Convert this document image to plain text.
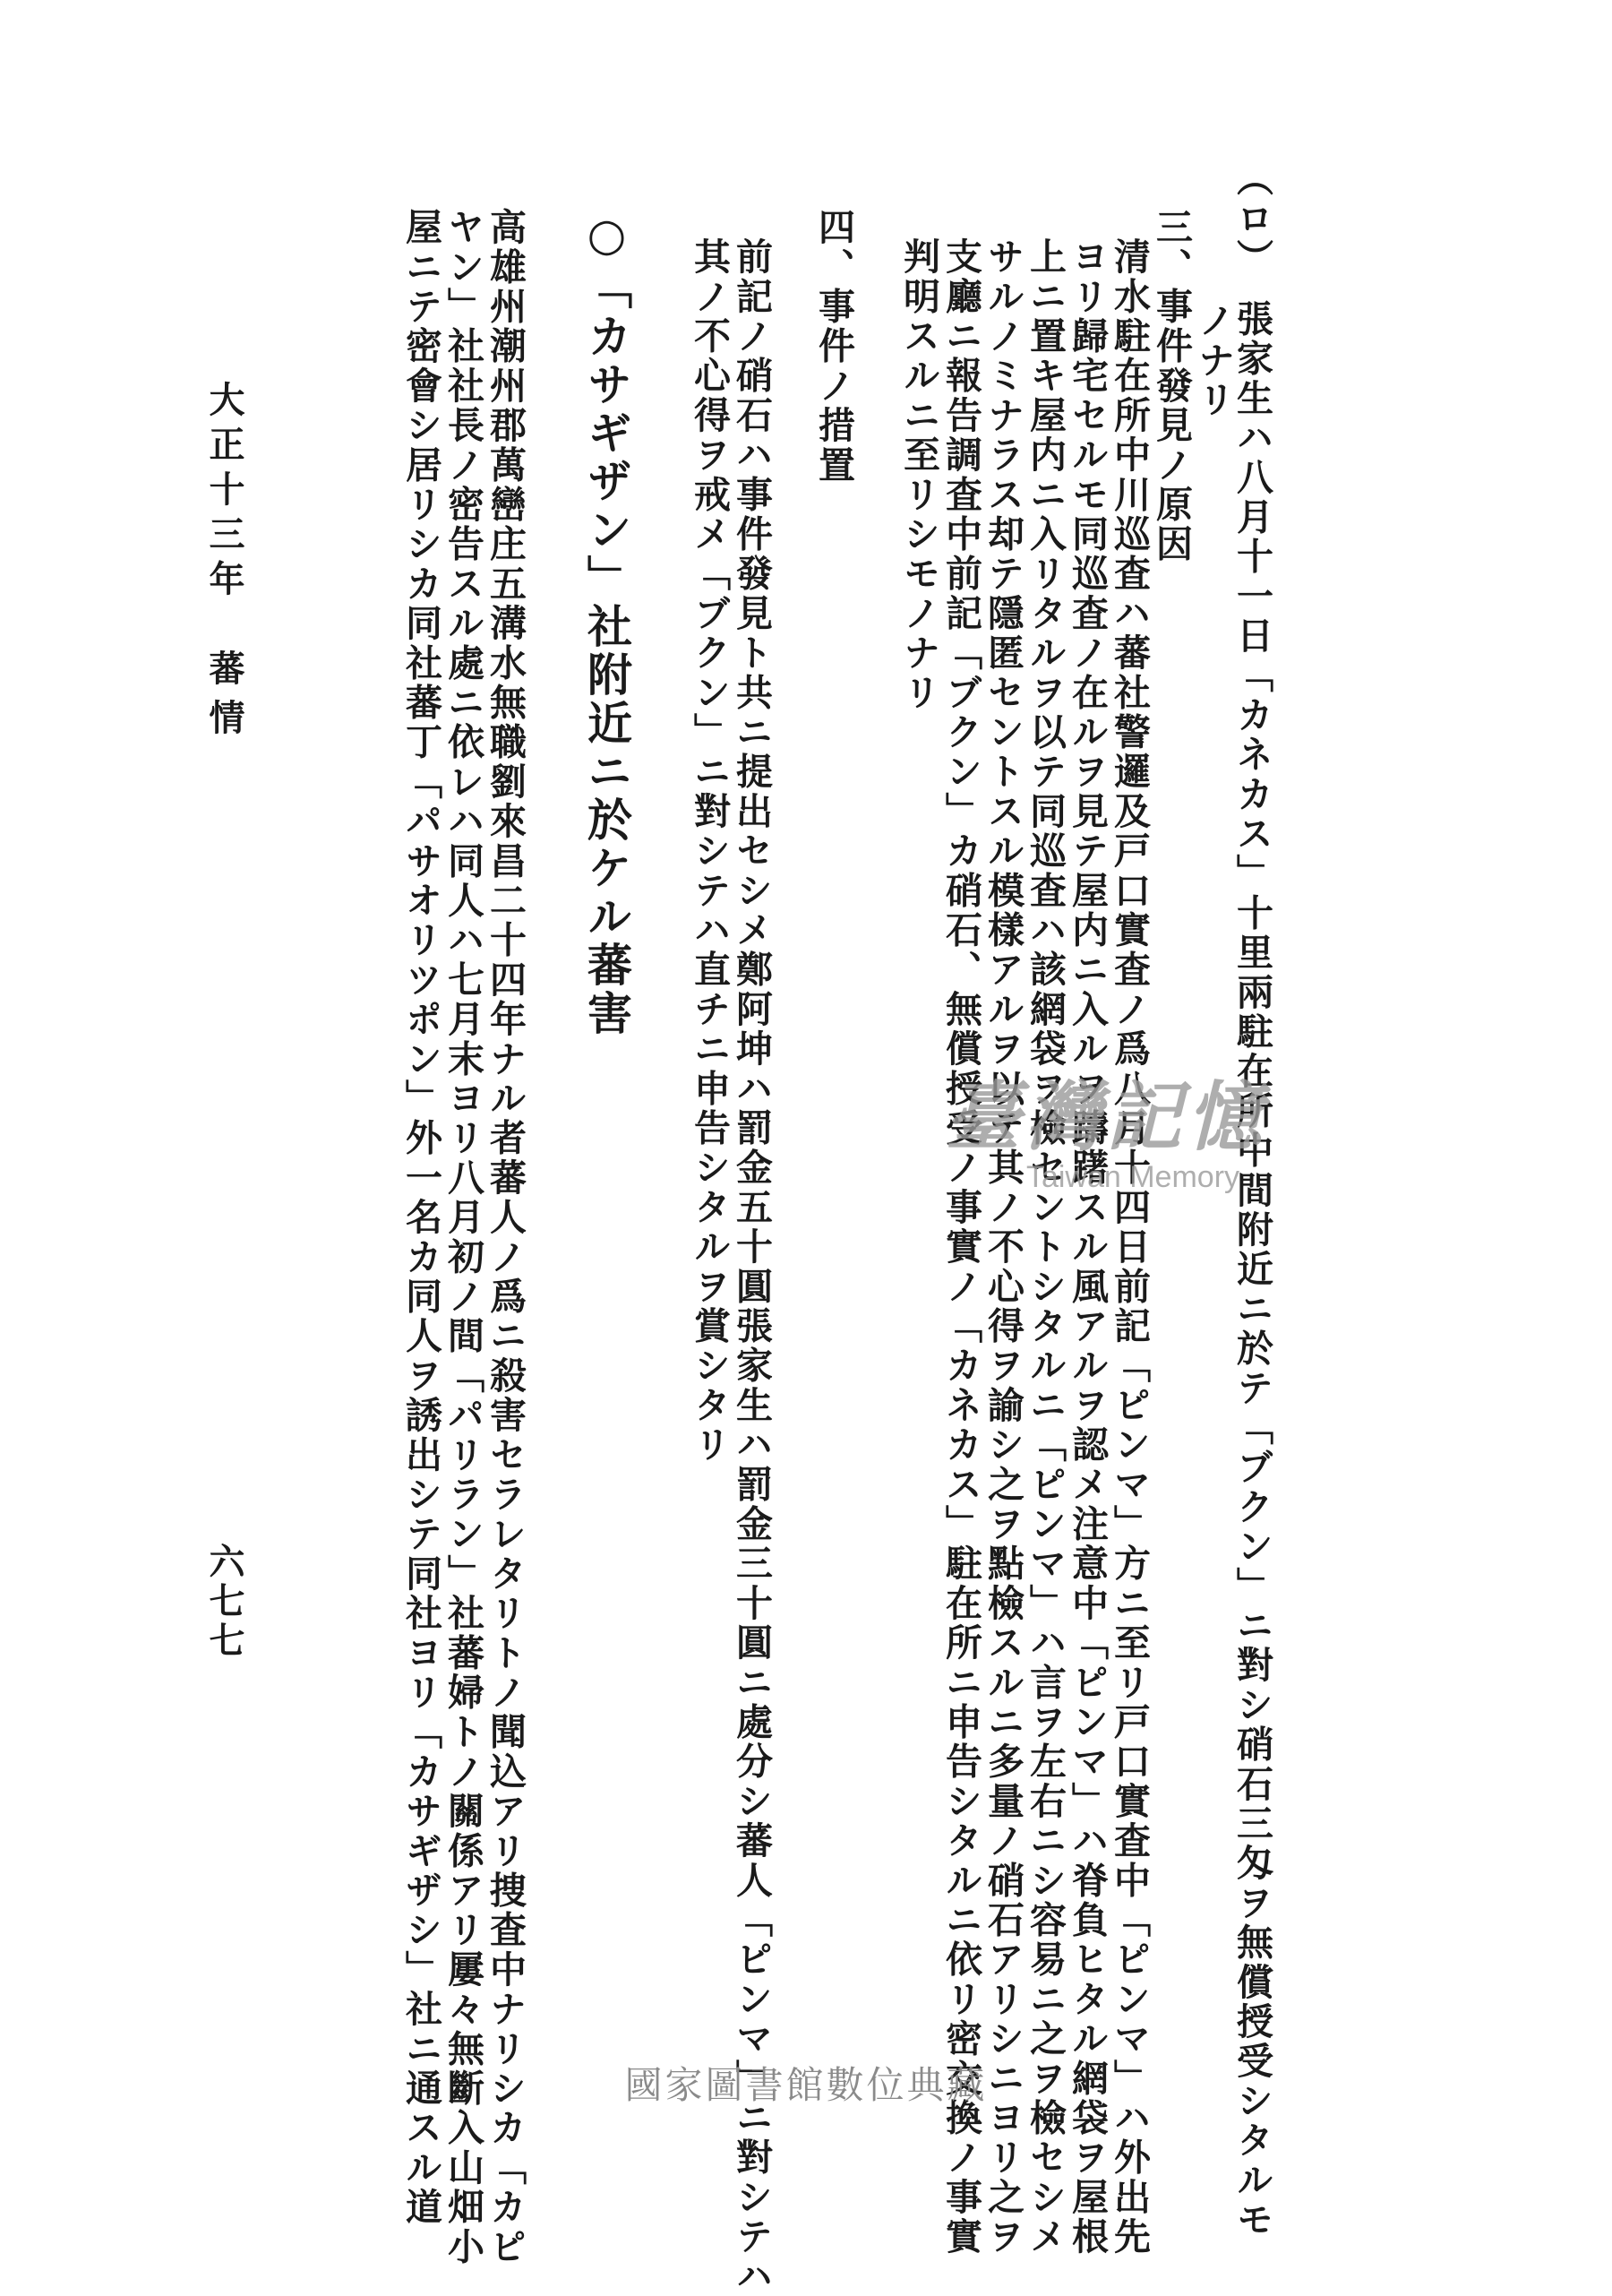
（ロ）　張家生ハ八月十一日「カネカス」十里兩駐在所中間附近ニ於テ「ブクン」ニ對シ硝石三匁ヲ無償授受シタルモ
ノナリ
三、事件發見ノ原因
清水駐在所中川巡査ハ蕃社警邏及戸口實査ノ爲八月十四日前記「ピンマ」方ニ至リ戸口實査中「ピンマ」ハ外出先
ヨリ歸宅セルモ同巡査ノ在ルヲ見テ屋内ニ入ルヲ躊躇スル風アルヲ認メ注意中「ピンマ」ハ脊負ヒタル網袋ヲ屋根
上ニ置キ屋内ニ入リタルヲ以テ同巡査ハ該網袋ヲ檢セントシタルニ「ピンマ」ハ言ヲ左右ニシ容易ニ之ヲ檢セシメ
サルノミナラス却テ隱匿セントスル模樣アルヲ以テ其ノ不心得ヲ諭シ之ヲ點檢スルニ多量ノ硝石アリシニヨリ之ヲ
支廳ニ報告調査中前記「ブクン」カ硝石、無償授受ノ事實ノ「カネカス」駐在所ニ申告シタルニ依リ密交換ノ事實
判明スルニ至リシモノナリ
四、事件ノ措置
前記ノ硝石ハ事件發見ト共ニ提出セシメ鄭阿坤ハ罰金五十圓張家生ハ罰金三十圓ニ處分シ蕃人「ピンマ」ニ對シテハ
其ノ不心得ヲ戒メ「ブクン」ニ對シテハ直チニ申告シタルヲ賞シタリ
○「カサギザン」社附近ニ於ケル蕃害
高雄州潮州郡萬巒庄五溝水無職劉來昌二十四年ナル者蕃人ノ爲ニ殺害セラレタリトノ聞込アリ捜査中ナリシカ「カピ
ヤン」社社長ノ密告スル處ニ依レハ同人ハ七月末ヨリ八月初ノ間「パリラン」社蕃婦トノ關係アリ屢々無斷入山畑小
屋ニテ密會シ居リシカ同社蕃丁「パサオリツポン」外一名カ同人ヲ誘出シテ同社ヨリ「カサギザシ」社ニ通スル道
大正十三年　蕃
情
六七七
臺灣記憶
Taiwan Memory
國家圖書館數位典藏
